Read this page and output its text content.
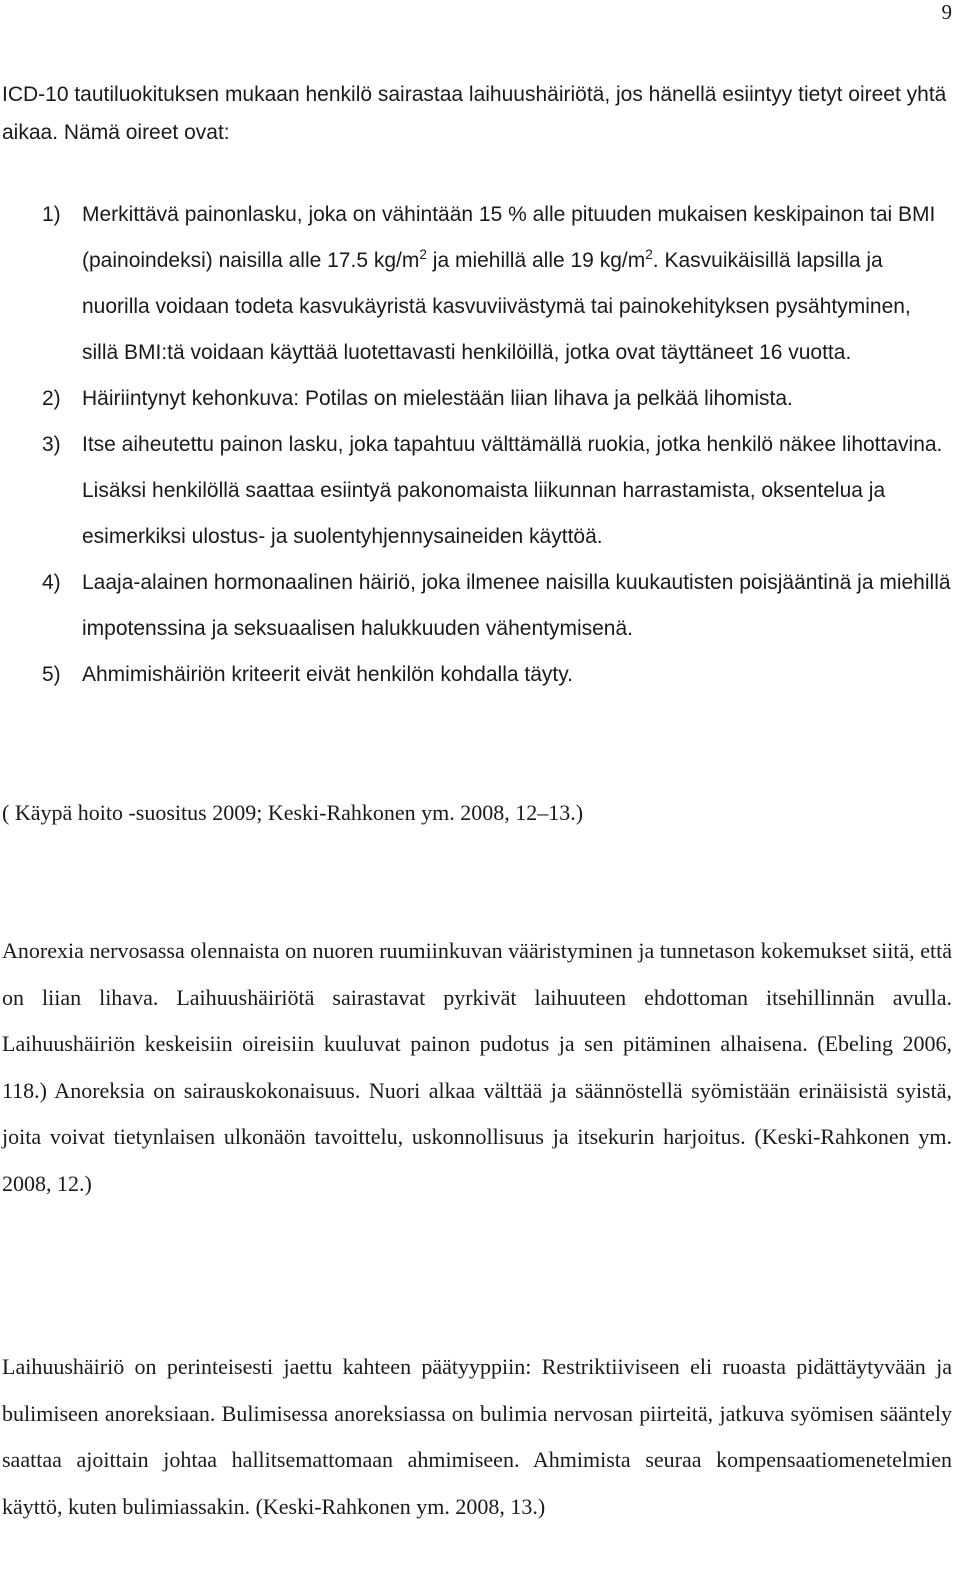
9

ICD-10 tautiluokituksen mukaan henkilö sairastaa laihuushäiriötä, jos hänellä esiintyy tietyt oireet yhtä aikaa. Nämä oireet ovat:

1) Merkittävä painonlasku, joka on vähintään 15 % alle pituuden mukaisen keskipainon tai BMI (painoindeksi) naisilla alle 17.5 $kg/m^2$ ja miehillä alle 19 $kg/m^2$. Kasvuikäisillä lapsilla ja nuorilla voidaan todeta kasvukäyristä kasvuviivästymä tai painokehityksen pysähtyminen, sillä BMI:tä voidaan käyttää luotettavasti henkilöillä, jotka ovat täyttäneet 16 vuotta.
2) Häiriintynyt kehonkuva: Potilas on mielestään liian lihava ja pelkää lihomista.
3) Itse aiheutettu painon lasku, joka tapahtuu välttämällä ruokia, jotka henkilö näkee lihottavina. Lisäksi henkilöllä saattaa esiintyä pakonomaista liikunnan harrastamista, oksentelua ja esimerkiksi ulostus- ja suolentyhjennysaineiden käyttöä.
4) Laaja-alainen hormonaalinen häiriö, joka ilmenee naisilla kuukautisten poisjääntinä ja miehillä impotenssina ja seksuaalisen halukkuuden vähentymisenä.
5) Ahmimishäiriön kriteerit eivät henkilön kohdalla täyty.

( Käypä hoito -suositus 2009; Keski-Rahkonen ym. 2008, 12–13.)

Anorexia nervosassa olennaista on nuoren ruumiinkuvan vääristyminen ja tunnetason kokemukset siitä, että on liian lihava. Laihuushäiriötä sairastavat pyrkivät laihuuteen ehdottoman itsehillinnän avulla. Laihuushäiriön keskeisiin oireisiin kuuluvat painon pudotus ja sen pitäminen alhaisena. (Ebeling 2006, 118.) Anoreksia on sairauskokonaisuus. Nuori alkaa välttää ja säännöstellä syömistään erinäisistä syistä, joita voivat tietynlaisen ulkonäön tavoittelu, uskonnollisuus ja itsekurin harjoitus. (Keski-Rahkonen ym. 2008, 12.)

Laihuushäiriö on perinteisesti jaettu kahteen päätyyppiin: Restriktiiviseen eli ruoasta pidättäytyvään ja bulimiseen anoreksiaan. Bulimisessa anoreksiassa on bulimia nervosan piirteitä, jatkuva syömisen sääntely saattaa ajoittain johtaa hallitsemattomaan ahmimiseen. Ahmimista seuraa kompensaatiomenetelmien käyttö, kuten bulimiassakin. (Keski-Rahkonen ym. 2008, 13.)
